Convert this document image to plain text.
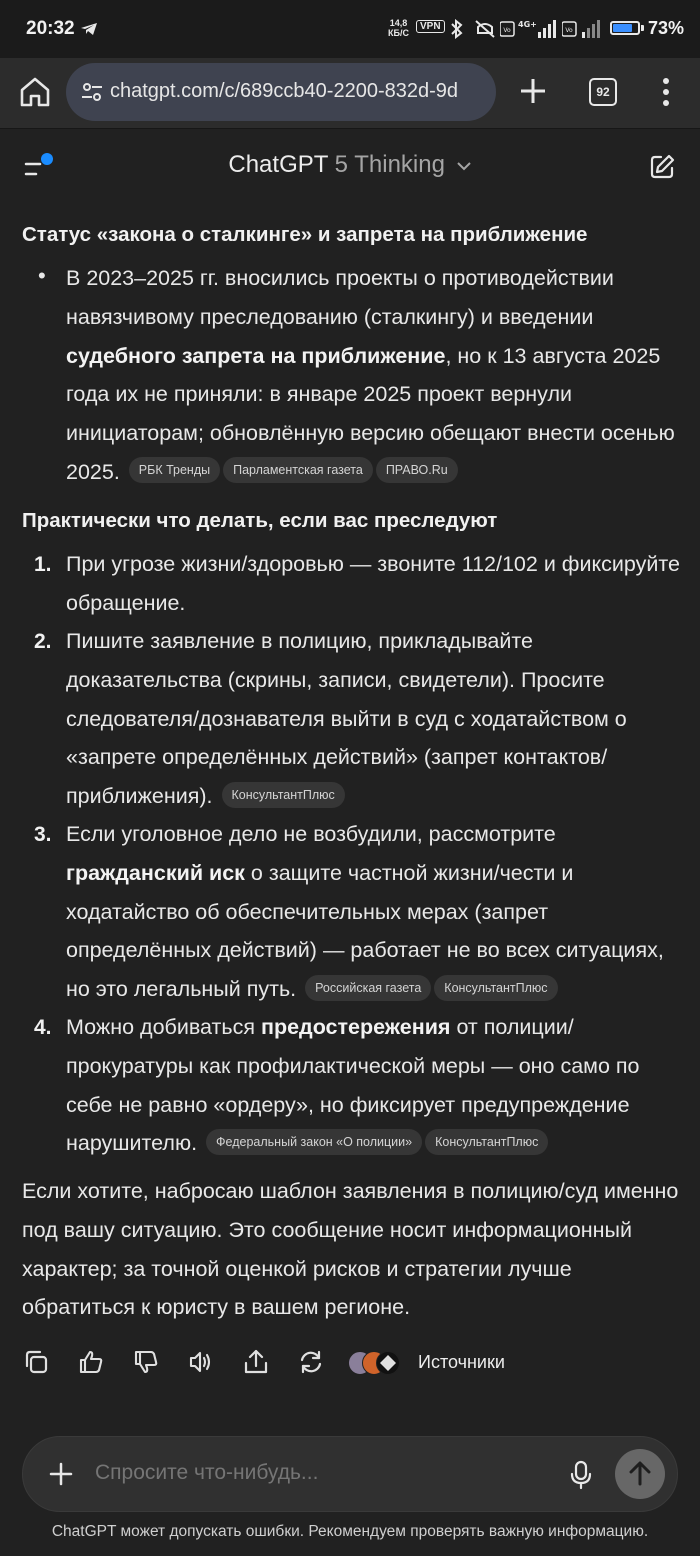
20:32	14,8
КБ/С
VPN	Vo
4G+
Vo	73%
chatgpt.com/c/689ccb40-2200-832d-9d	92
ChatGPT 5 Thinking
Статус «закона о сталкинге» и запрета на приближение
• В 2023–2025 гг. вносились проекты о противодействии навязчивому преследованию (сталкингу) и введении судебного запрета на приближение, но к 13 августа 2025 года их не приняли: в январе 2025 проект вернули инициаторам; обновлённую версию обещают внести осенью 2025. РБК Тренды Парламентская газета ПРАВО.Ru
Практически что делать, если вас преследуют
1. При угрозе жизни/здоровью — звоните 112/102 и фиксируйте обращение.
2. Пишите заявление в полицию, прикладывайте доказательства (скрины, записи, свидетели). Просите следователя/дознавателя выйти в суд с ходатайством о «запрете определённых действий» (запрет контактов/приближения). КонсультантПлюс
3. Если уголовное дело не возбудили, рассмотрите гражданский иск о защите частной жизни/чести и ходатайство об обеспечительных мерах (запрет определённых действий) — работает не во всех ситуациях, но это легальный путь. Российская газета КонсультантПлюс
4. Можно добиваться предостережения от полиции/прокуратуры как профилактической меры — оно само по себе не равно «ордеру», но фиксирует предупреждение нарушителю. Федеральный закон «О полиции» КонсультантПлюс
Если хотите, набросаю шаблон заявления в полицию/суд именно под вашу ситуацию. Это сообщение носит информационный характер; за точной оценкой рисков и стратегии лучше обратиться к юристу в вашем регионе.
Источники
Спросите что-нибудь...
ChatGPT может допускать ошибки. Рекомендуем проверять важную информацию.
